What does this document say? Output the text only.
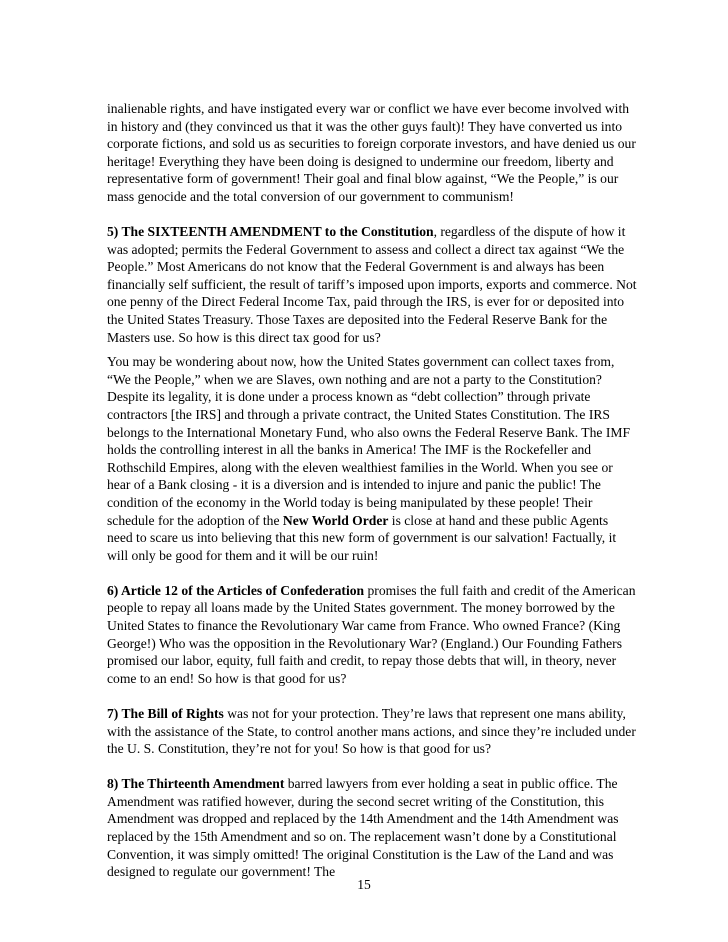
inalienable rights, and have instigated every war or conflict we have ever become involved with in history and (they convinced us that it was the other guys fault)! They have converted us into corporate fictions, and sold us as securities to foreign corporate investors, and have denied us our heritage! Everything they have been doing is designed to undermine our freedom, liberty and representative form of government! Their goal and final blow against, “We the People,” is our mass genocide and the total conversion of our government to communism!

5) The SIXTEENTH AMENDMENT to the Constitution, regardless of the dispute of how it was adopted; permits the Federal Government to assess and collect a direct tax against “We the People.” Most Americans do not know that the Federal Government is and always has been financially self sufficient, the result of tariff’s imposed upon imports, exports and commerce. Not one penny of the Direct Federal Income Tax, paid through the IRS, is ever for or deposited into the United States Treasury. Those Taxes are deposited into the Federal Reserve Bank for the Masters use. So how is this direct tax good for us?

You may be wondering about now, how the United States government can collect taxes from, “We the People,” when we are Slaves, own nothing and are not a party to the Constitution? Despite its legality, it is done under a process known as “debt collection” through private contractors [the IRS] and through a private contract, the United States Constitution. The IRS belongs to the International Monetary Fund, who also owns the Federal Reserve Bank. The IMF holds the controlling interest in all the banks in America! The IMF is the Rockefeller and Rothschild Empires, along with the eleven wealthiest families in the World. When you see or hear of a Bank closing - it is a diversion and is intended to injure and panic the public! The condition of the economy in the World today is being manipulated by these people! Their schedule for the adoption of the New World Order is close at hand and these public Agents need to scare us into believing that this new form of government is our salvation! Factually, it will only be good for them and it will be our ruin!

6) Article 12 of the Articles of Confederation promises the full faith and credit of the American people to repay all loans made by the United States government. The money borrowed by the United States to finance the Revolutionary War came from France. Who owned France? (King George!) Who was the opposition in the Revolutionary War? (England.) Our Founding Fathers promised our labor, equity, full faith and credit, to repay those debts that will, in theory, never come to an end! So how is that good for us?

7) The Bill of Rights was not for your protection. They’re laws that represent one mans ability, with the assistance of the State, to control another mans actions, and since they’re included under the U. S. Constitution, they’re not for you! So how is that good for us?

8) The Thirteenth Amendment barred lawyers from ever holding a seat in public office. The Amendment was ratified however, during the second secret writing of the Constitution, this Amendment was dropped and replaced by the 14th Amendment and the 14th Amendment was replaced by the 15th Amendment and so on. The replacement wasn’t done by a Constitutional Convention, it was simply omitted! The original Constitution is the Law of the Land and was designed to regulate our government! The

15
